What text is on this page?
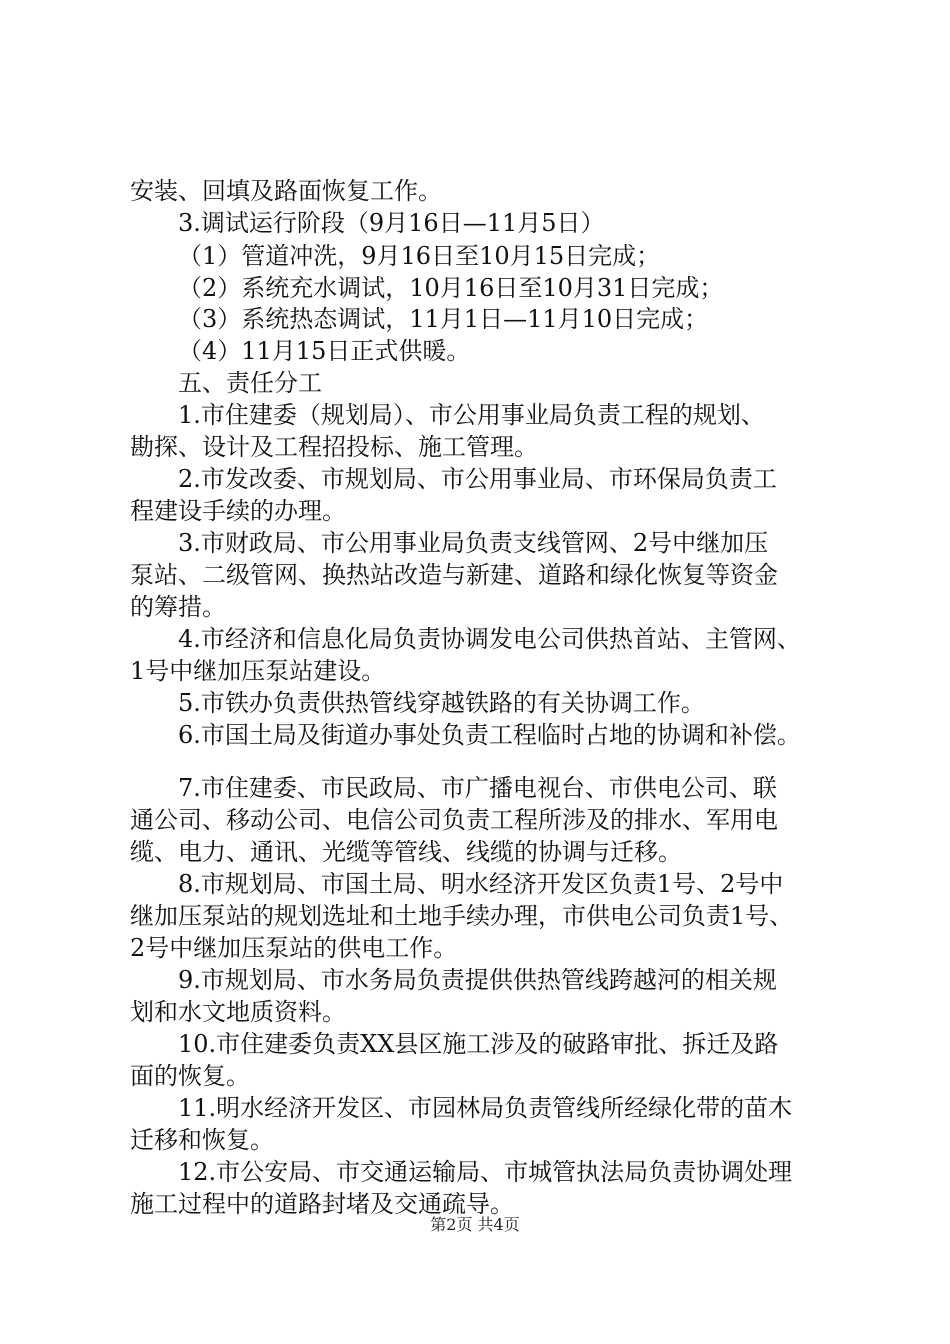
安装、回填及路面恢复工作。
3.调试运行阶段（9月16日—11月5日）
（1）管道冲洗，9月16日至10月15日完成；
（2）系统充水调试，10月16日至10月31日完成；
（3）系统热态调试，11月1日—11月10日完成；
（4）11月15日正式供暖。
五、责任分工
1.市住建委（规划局）、市公用事业局负责工程的规划、
勘探、设计及工程招投标、施工管理。
2.市发改委、市规划局、市公用事业局、市环保局负责工
程建设手续的办理。
3.市财政局、市公用事业局负责支线管网、2号中继加压
泵站、二级管网、换热站改造与新建、道路和绿化恢复等资金
的筹措。
4.市经济和信息化局负责协调发电公司供热首站、主管网、
1号中继加压泵站建设。
5.市铁办负责供热管线穿越铁路的有关协调工作。
6.市国土局及街道办事处负责工程临时占地的协调和补偿。
7.市住建委、市民政局、市广播电视台、市供电公司、联
通公司、移动公司、电信公司负责工程所涉及的排水、军用电
缆、电力、通讯、光缆等管线、线缆的协调与迁移。
8.市规划局、市国土局、明水经济开发区负责1号、2号中
继加压泵站的规划选址和土地手续办理，市供电公司负责1号、
2号中继加压泵站的供电工作。
9.市规划局、市水务局负责提供供热管线跨越河的相关规
划和水文地质资料。
10.市住建委负责XX县区施工涉及的破路审批、拆迁及路
面的恢复。
11.明水经济开发区、市园林局负责管线所经绿化带的苗木
迁移和恢复。
12.市公安局、市交通运输局、市城管执法局负责协调处理
施工过程中的道路封堵及交通疏导。
第2页 共4页
